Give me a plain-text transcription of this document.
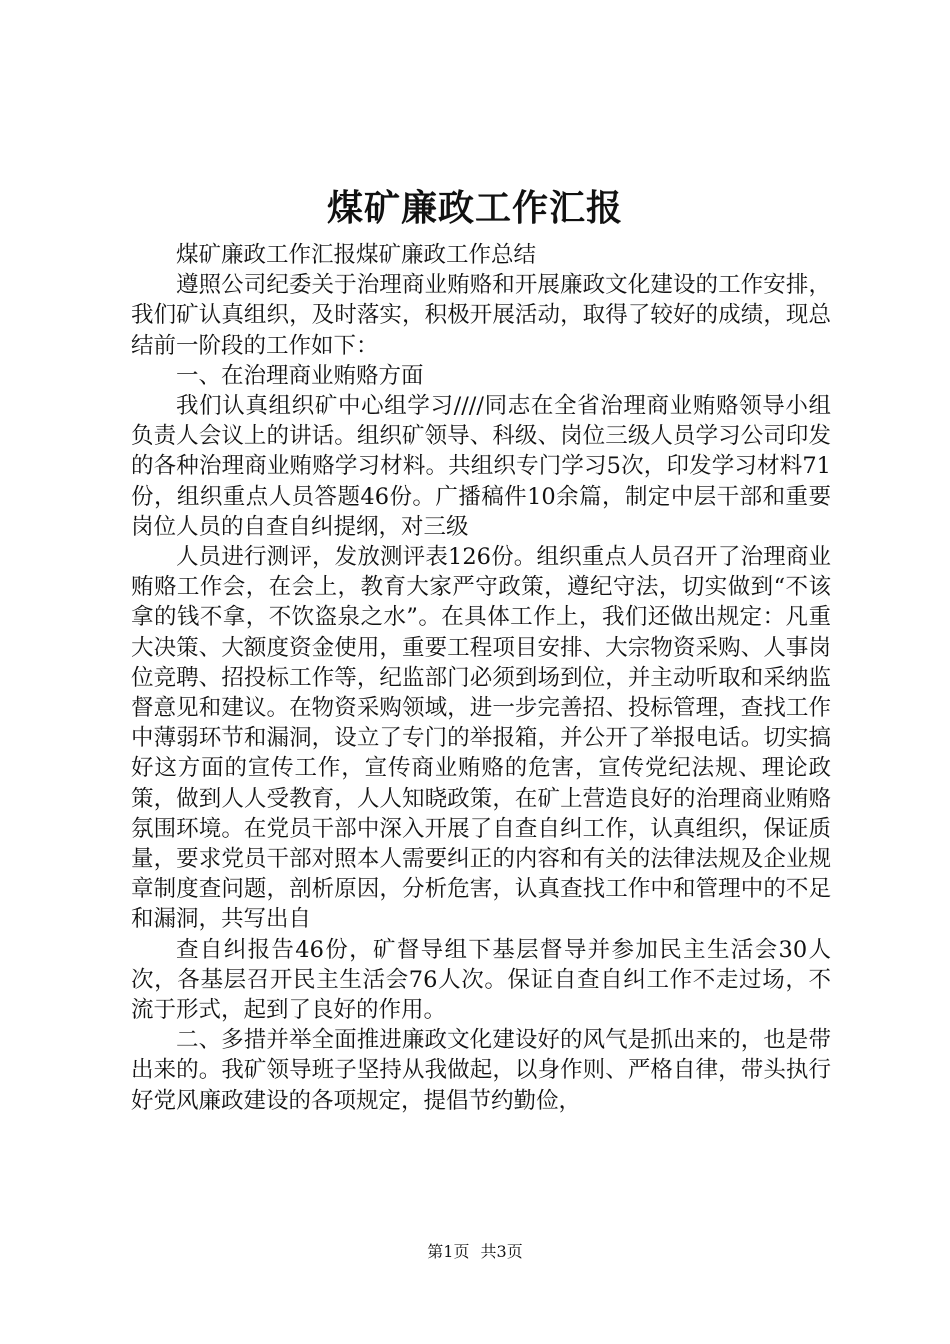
煤矿廉政工作汇报

煤矿廉政工作汇报煤矿廉政工作总结

遵照公司纪委关于治理商业贿赂和开展廉政文化建设的工作安排，我们矿认真组织，及时落实，积极开展活动，取得了较好的成绩，现总结前一阶段的工作如下：

一、在治理商业贿赂方面

我们认真组织矿中心组学习////同志在全省治理商业贿赂领导小组负责人会议上的讲话。组织矿领导、科级、岗位三级人员学习公司印发的各种治理商业贿赂学习材料。共组织专门学习5次，印发学习材料71份，组织重点人员答题46份。广播稿件10余篇，制定中层干部和重要岗位人员的自查自纠提纲，对三级

人员进行测评，发放测评表126份。组织重点人员召开了治理商业贿赂工作会，在会上，教育大家严守政策，遵纪守法，切实做到“不该拿的钱不拿，不饮盗泉之水”。在具体工作上，我们还做出规定：凡重大决策、大额度资金使用，重要工程项目安排、大宗物资采购、人事岗位竞聘、招投标工作等，纪监部门必须到场到位，并主动听取和采纳监督意见和建议。在物资采购领域，进一步完善招、投标管理，查找工作中薄弱环节和漏洞，设立了专门的举报箱，并公开了举报电话。切实搞好这方面的宣传工作，宣传商业贿赂的危害，宣传党纪法规、理论政策，做到人人受教育，人人知晓政策，在矿上营造良好的治理商业贿赂氛围环境。在党员干部中深入开展了自查自纠工作，认真组织，保证质量，要求党员干部对照本人需要纠正的内容和有关的法律法规及企业规章制度查问题，剖析原因，分析危害，认真查找工作中和管理中的不足和漏洞，共写出自

查自纠报告46份，矿督导组下基层督导并参加民主生活会30人次，各基层召开民主生活会76人次。保证自查自纠工作不走过场，不流于形式，起到了良好的作用。

二、多措并举全面推进廉政文化建设好的风气是抓出来的，也是带出来的。我矿领导班子坚持从我做起，以身作则、严格自律，带头执行好党风廉政建设的各项规定，提倡节约勤俭，

第1页 共3页
